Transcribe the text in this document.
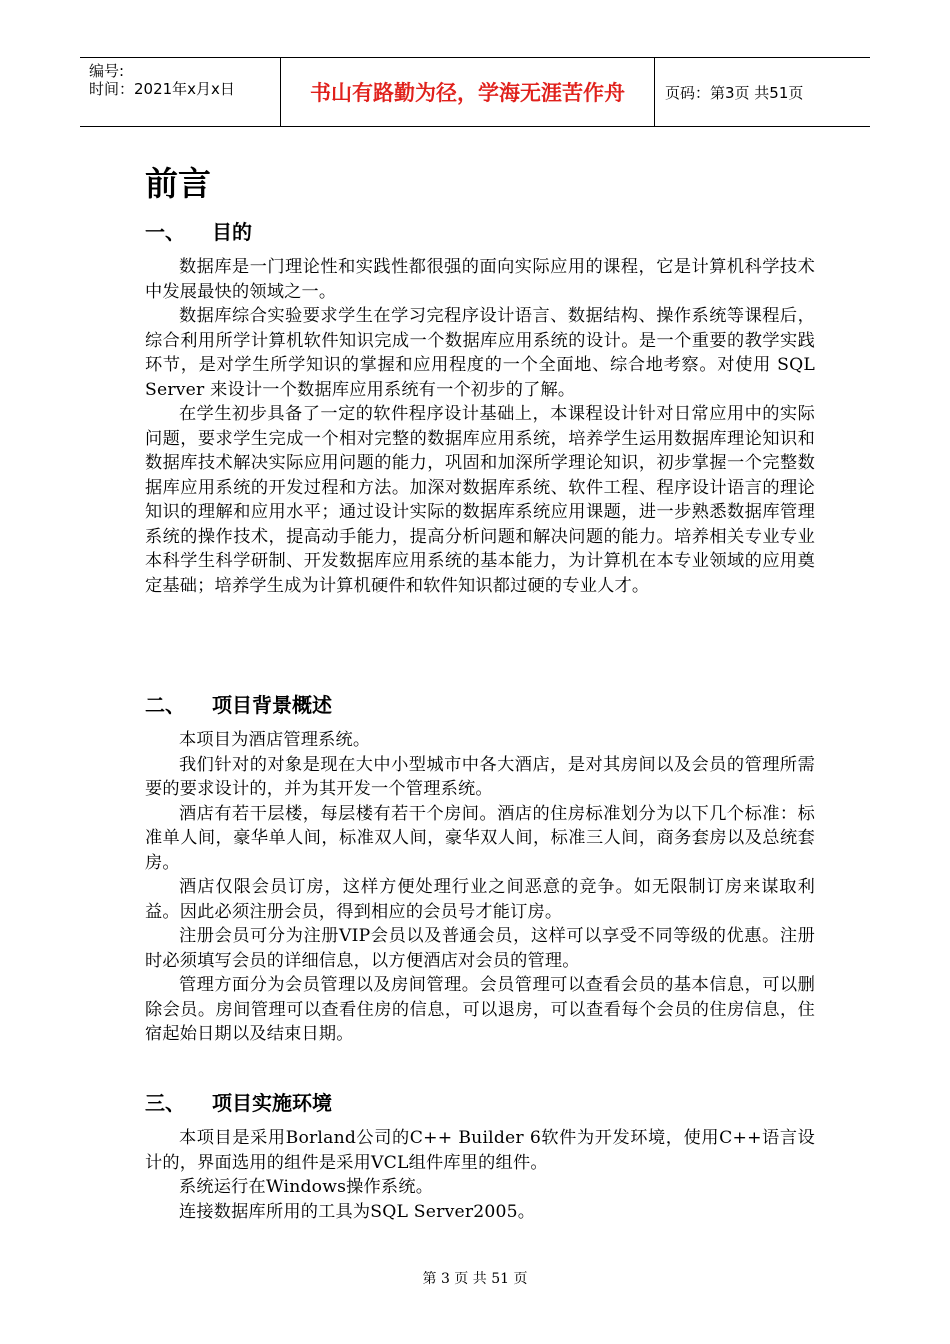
编号:
时间：2021年x月x日	书山有路勤为径，学海无涯苦作舟	页码：第3页 共51页
前言
一、	目的

数据库是一门理论性和实践性都很强的面向实际应用的课程，它是计算机科学技术中发展最快的领域之一。

数据库综合实验要求学生在学习完程序设计语言、数据结构、操作系统等课程后，综合利用所学计算机软件知识完成一个数据库应用系统的设计。是一个重要的教学实践环节，是对学生所学知识的掌握和应用程度的一个全面地、综合地考察。对使用 SQL Server 来设计一个数据库应用系统有一个初步的了解。

在学生初步具备了一定的软件程序设计基础上，本课程设计针对日常应用中的实际问题，要求学生完成一个相对完整的数据库应用系统，培养学生运用数据库理论知识和数据库技术解决实际应用问题的能力，巩固和加深所学理论知识，初步掌握一个完整数据库应用系统的开发过程和方法。加深对数据库系统、软件工程、程序设计语言的理论知识的理解和应用水平；通过设计实际的数据库系统应用课题，进一步熟悉数据库管理系统的操作技术，提高动手能力，提高分析问题和解决问题的能力。培养相关专业专业本科学生科学研制、开发数据库应用系统的基本能力，为计算机在本专业领域的应用奠定基础；培养学生成为计算机硬件和软件知识都过硬的专业人才。

二、	项目背景概述

本项目为酒店管理系统。

我们针对的对象是现在大中小型城市中各大酒店，是对其房间以及会员的管理所需要的要求设计的，并为其开发一个管理系统。

酒店有若干层楼，每层楼有若干个房间。酒店的住房标准划分为以下几个标准：标准单人间，豪华单人间，标准双人间，豪华双人间，标准三人间，商务套房以及总统套房。

酒店仅限会员订房，这样方便处理行业之间恶意的竞争。如无限制订房来谋取利益。因此必须注册会员，得到相应的会员号才能订房。

注册会员可分为注册VIP会员以及普通会员，这样可以享受不同等级的优惠。注册时必须填写会员的详细信息，以方便酒店对会员的管理。

管理方面分为会员管理以及房间管理。会员管理可以查看会员的基本信息，可以删除会员。房间管理可以查看住房的信息，可以退房，可以查看每个会员的住房信息，住宿起始日期以及结束日期。

三、	项目实施环境

本项目是采用Borland公司的C++ Builder 6软件为开发环境，使用C++语言设计的，界面选用的组件是采用VCL组件库里的组件。

系统运行在Windows操作系统。

连接数据库所用的工具为SQL Server2005。

第 3 页 共 51 页
